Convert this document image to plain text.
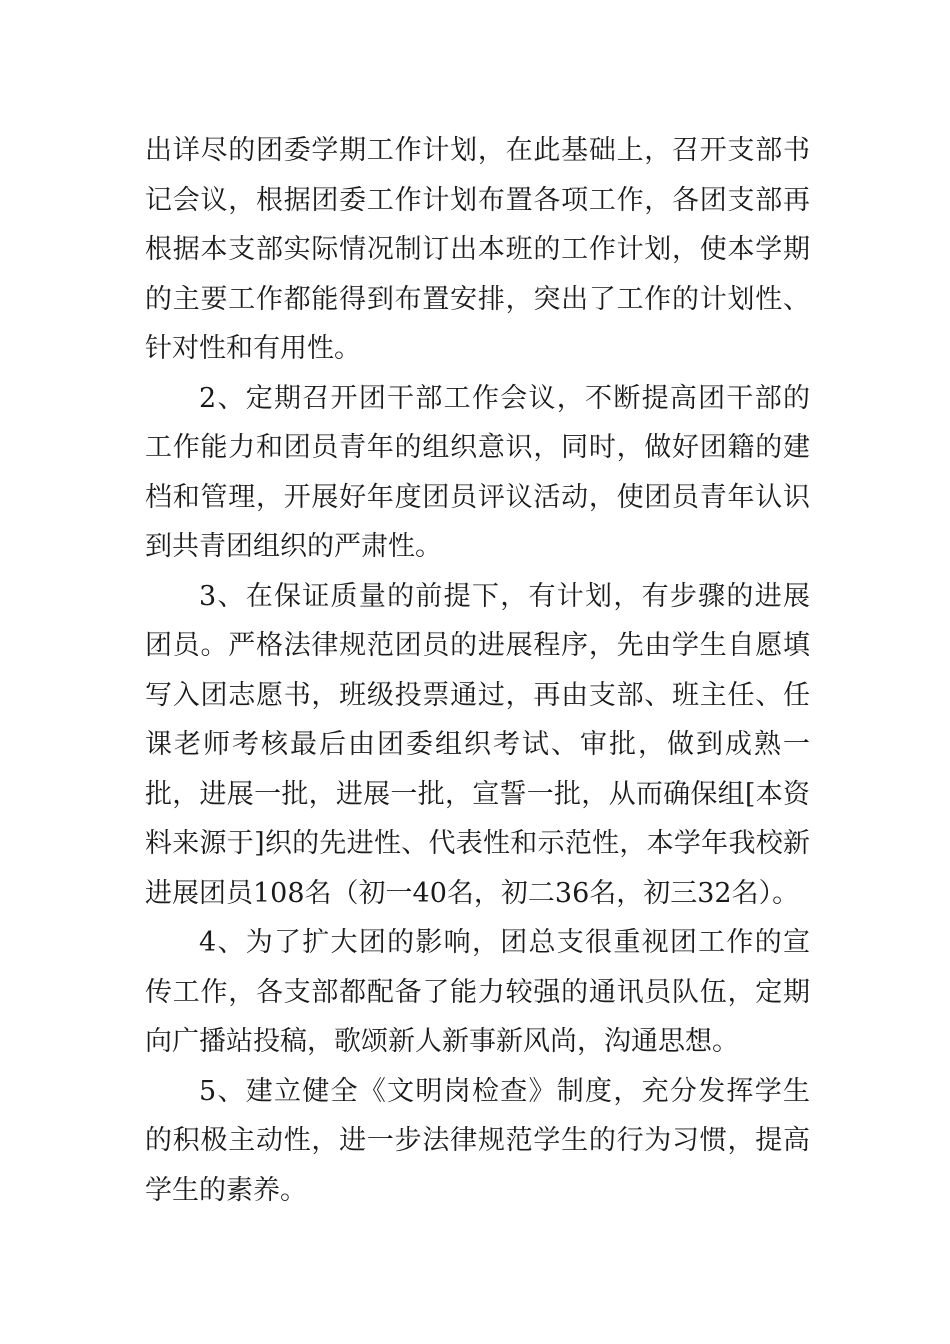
出详尽的团委学期工作计划，在此基础上，召开支部书记会议，根据团委工作计划布置各项工作，各团支部再根据本支部实际情况制订出本班的工作计划，使本学期的主要工作都能得到布置安排，突出了工作的计划性、针对性和有用性。

2、定期召开团干部工作会议，不断提高团干部的工作能力和团员青年的组织意识，同时，做好团籍的建档和管理，开展好年度团员评议活动，使团员青年认识到共青团组织的严肃性。

3、在保证质量的前提下，有计划，有步骤的进展团员。严格法律规范团员的进展程序，先由学生自愿填写入团志愿书，班级投票通过，再由支部、班主任、任课老师考核最后由团委组织考试、审批，做到成熟一批，进展一批，进展一批，宣誓一批，从而确保组[本资料来源于]织的先进性、代表性和示范性，本学年我校新进展团员108名（初一40名，初二36名，初三32名）。

4、为了扩大团的影响，团总支很重视团工作的宣传工作，各支部都配备了能力较强的通讯员队伍，定期向广播站投稿，歌颂新人新事新风尚，沟通思想。

5、建立健全《文明岗检查》制度，充分发挥学生的积极主动性，进一步法律规范学生的行为习惯，提高学生的素养。
